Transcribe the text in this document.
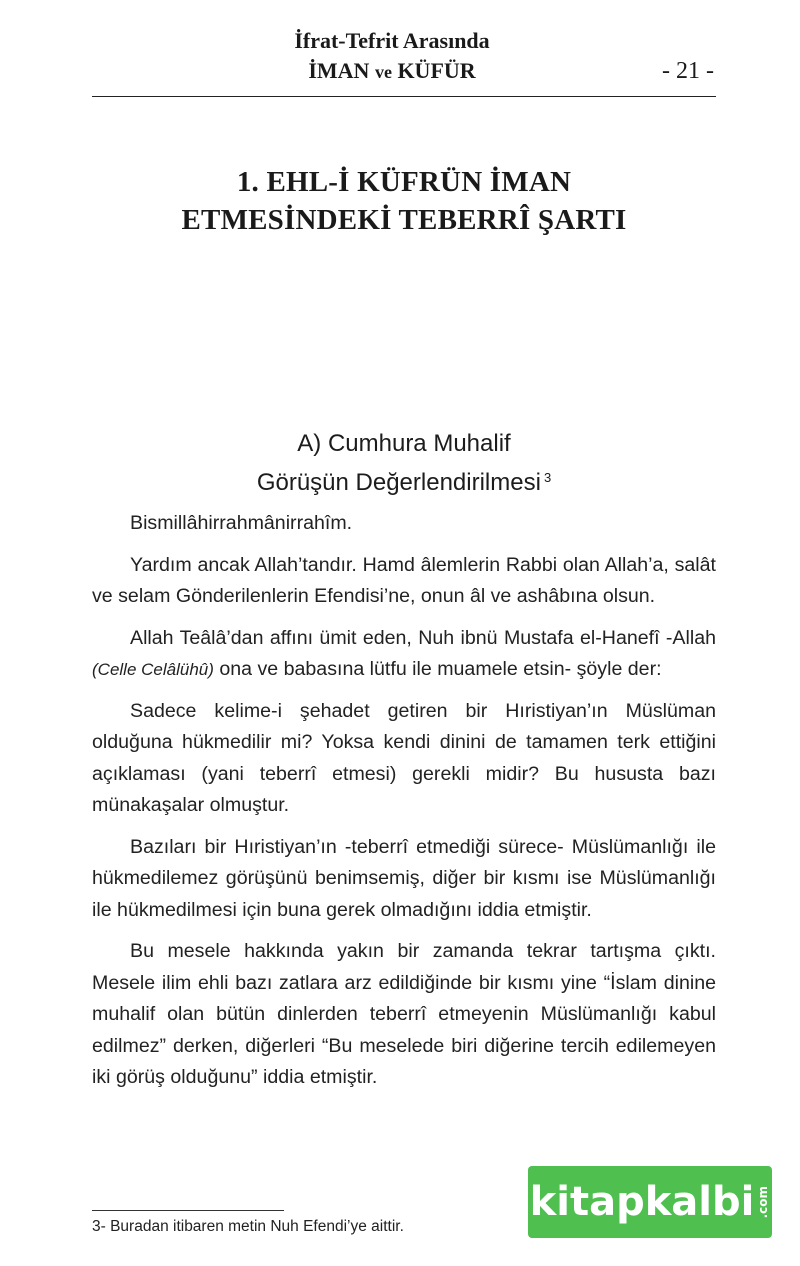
İfrat-Tefrit Arasında
İMAN ve KÜFÜR	- 21 -
1. EHL-İ KÜFRÜN İMAN
ETMESİNDEKİ TEBERRÎ ŞARTI
A) Cumhura Muhalif
Görüşün Değerlendirilmesi $^3$

Bismillâhirrahmânirrahîm.

Yardım ancak Allah’tandır. Hamd âlemlerin Rabbi olan Allah’a, salât ve selam Gönderilenlerin Efendisi’ne, onun âl ve ashâbına olsun.

Allah Teâlâ’dan affını ümit eden, Nuh ibnü Mustafa el-Hanefî -Allah (Celle Celâlühû) ona ve babasına lütfu ile muamele etsin- şöyle der:

Sadece kelime-i şehadet getiren bir Hıristiyan’ın Müslüman olduğuna hükmedilir mi? Yoksa kendi dinini de tamamen terk ettiğini açıklaması (yani teberrî etmesi) gerekli midir? Bu hususta bazı münakaşalar olmuştur.

Bazıları bir Hıristiyan’ın -teberrî etmediği sürece- Müslümanlığı ile hükmedilemez görüşünü benimsemiş, diğer bir kısmı ise Müslümanlığı ile hükmedilmesi için buna gerek olmadığını iddia etmiştir.

Bu mesele hakkında yakın bir zamanda tekrar tartışma çıktı. Mesele ilim ehli bazı zatlara arz edildiğinde bir kısmı yine “İslam dinine muhalif olan bütün dinlerden teberrî etmeyenin Müslümanlığı kabul edilmez” derken, diğerleri “Bu meselede biri diğerine tercih edilemeyen iki görüş olduğunu” iddia etmiştir.

3- Buradan itibaren metin Nuh Efendi’ye aittir.
kitapkalbi .com
